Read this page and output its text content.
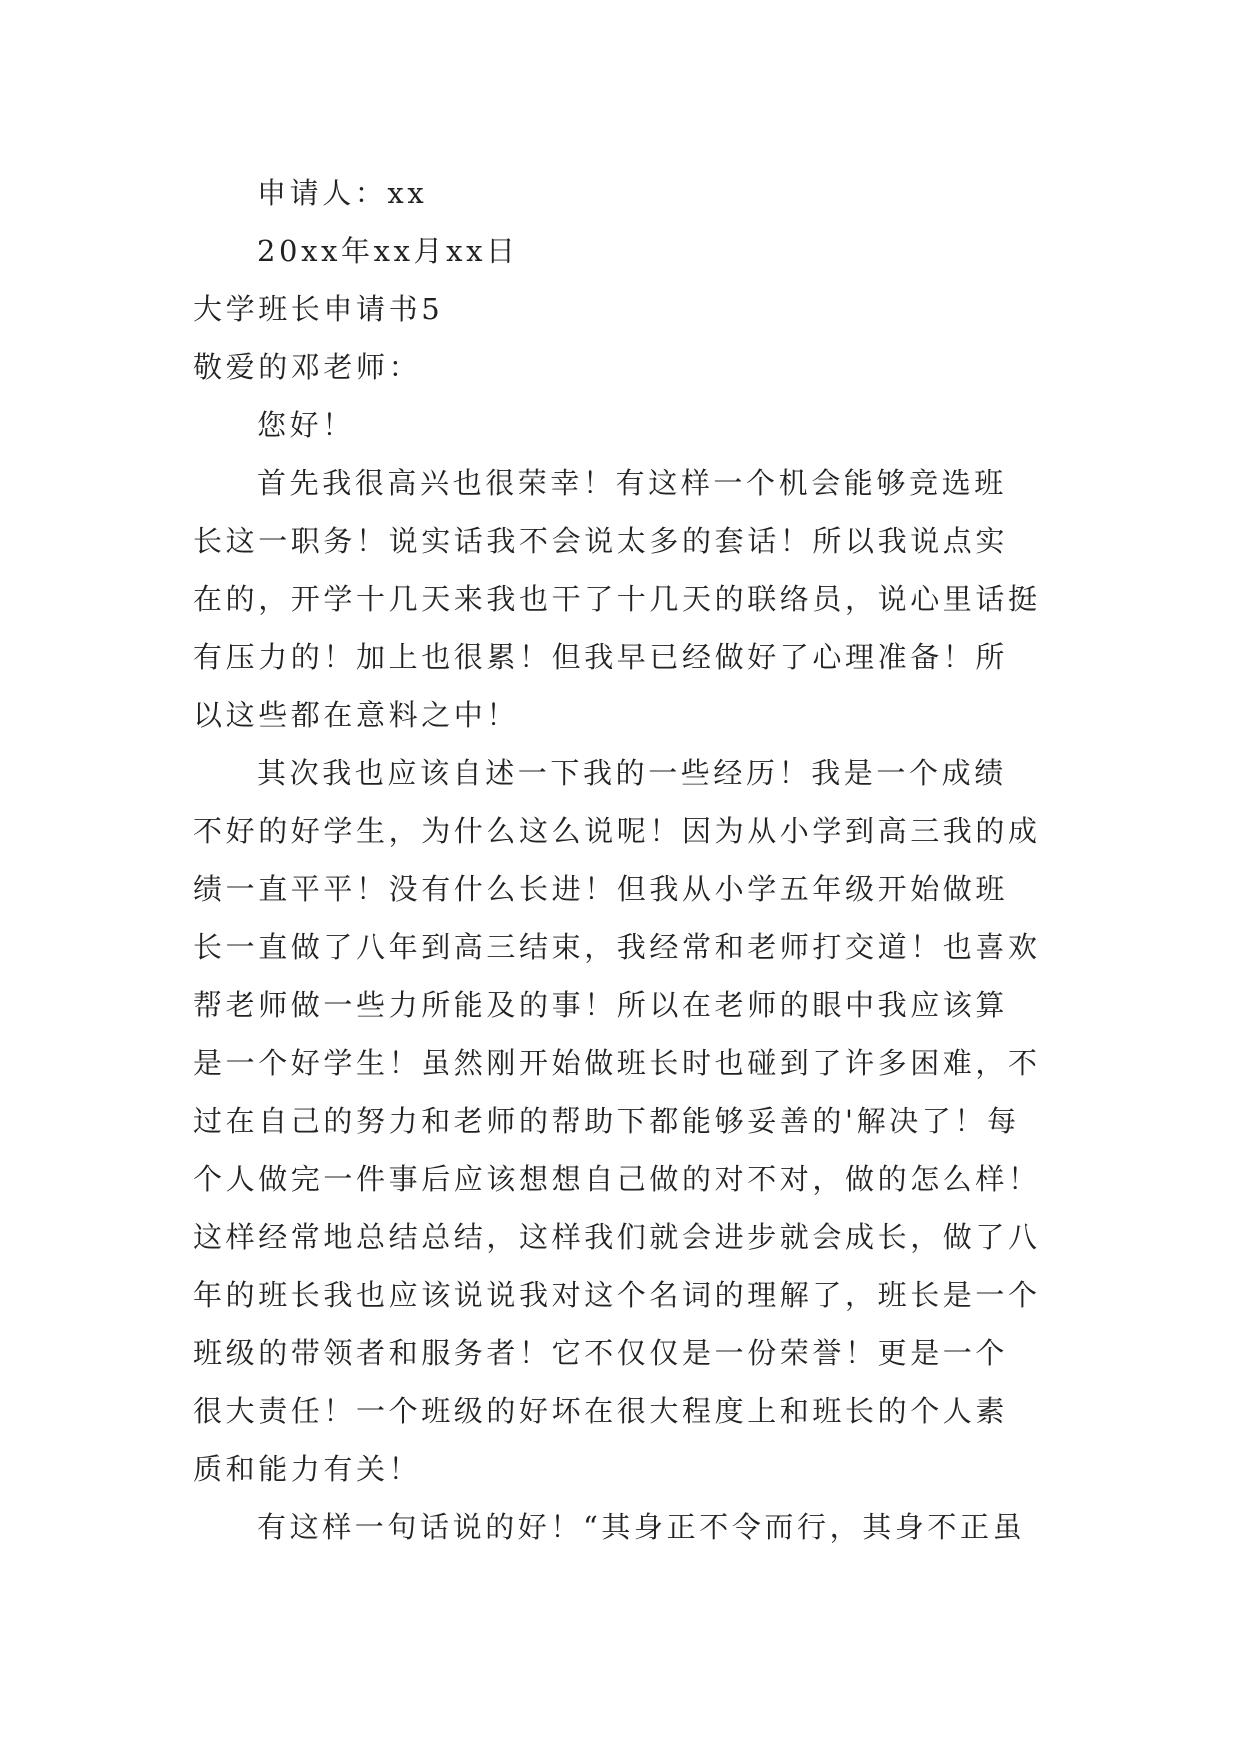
申请人：xx
20xx年xx月xx日
大学班长申请书5
敬爱的邓老师：
您好！
首先我很高兴也很荣幸！有这样一个机会能够竞选班
长这一职务！说实话我不会说太多的套话！所以我说点实
在的，开学十几天来我也干了十几天的联络员，说心里话挺
有压力的！加上也很累！但我早已经做好了心理准备！所
以这些都在意料之中！
其次我也应该自述一下我的一些经历！我是一个成绩
不好的好学生，为什么这么说呢！因为从小学到高三我的成
绩一直平平！没有什么长进！但我从小学五年级开始做班
长一直做了八年到高三结束，我经常和老师打交道！也喜欢
帮老师做一些力所能及的事！所以在老师的眼中我应该算
是一个好学生！虽然刚开始做班长时也碰到了许多困难，不
过在自己的努力和老师的帮助下都能够妥善的'解决了！每
个人做完一件事后应该想想自己做的对不对，做的怎么样！
这样经常地总结总结，这样我们就会进步就会成长，做了八
年的班长我也应该说说我对这个名词的理解了，班长是一个
班级的带领者和服务者！它不仅仅是一份荣誉！更是一个
很大责任！一个班级的好坏在很大程度上和班长的个人素
质和能力有关！
有这样一句话说的好！“其身正不令而行，其身不正虽
